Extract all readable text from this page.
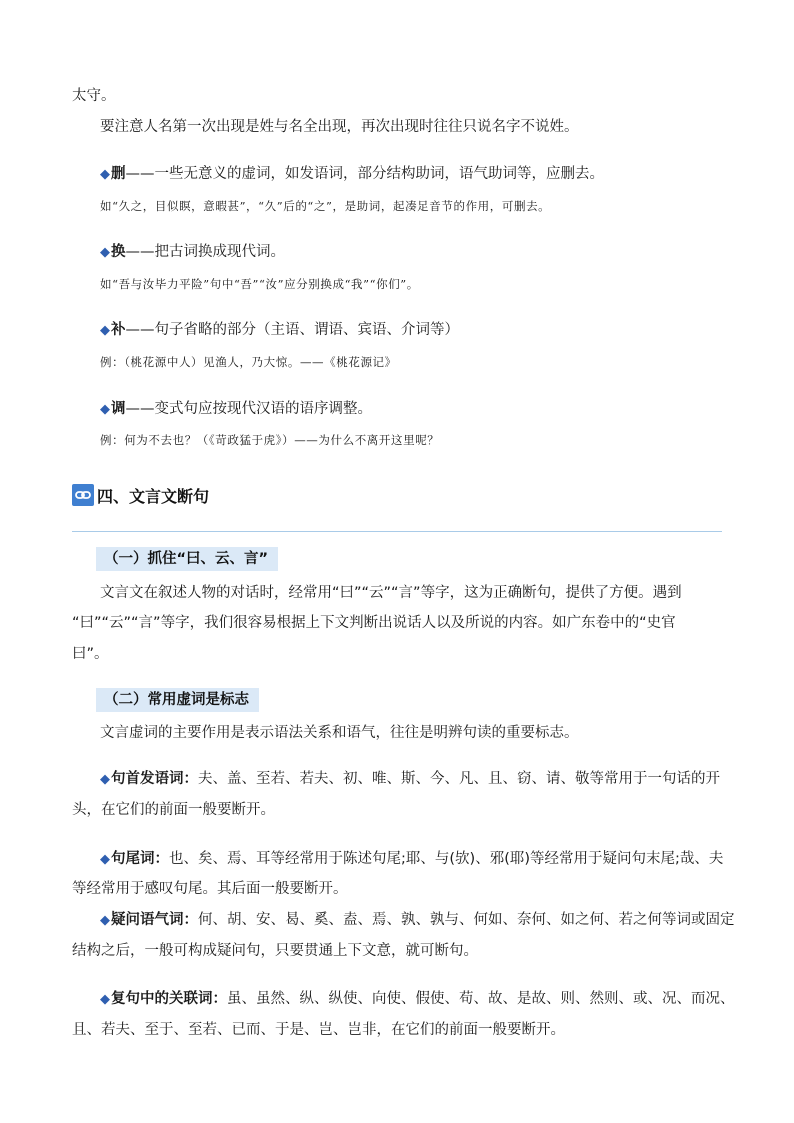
太守。
要注意人名第一次出现是姓与名全出现，再次出现时往往只说名字不说姓。
◆删——一些无意义的虚词，如发语词，部分结构助词，语气助词等，应删去。
如“久之，目似瞑，意暇甚”，“久”后的“之”，是助词，起凑足音节的作用，可删去。
◆换——把古词换成现代词。
如“吾与汝毕力平险”句中“吾”“汝”应分别换成“我”“你们”。
◆补——句子省略的部分（主语、谓语、宾语、介词等）
例：（桃花源中人）见渔人，乃大惊。——《桃花源记》
◆调——变式句应按现代汉语的语序调整。
例：何为不去也？（《苛政猛于虎》）——为什么不离开这里呢？
四、文言文断句
（一）抓住“曰、云、言”
文言文在叙述人物的对话时，经常用“曰”“云”“言”等字，这为正确断句，提供了方便。遇到
“曰”“云”“言”等字，我们很容易根据上下文判断出说话人以及所说的内容。如广东卷中的“史官
曰”。
（二）常用虚词是标志
文言虚词的主要作用是表示语法关系和语气，往往是明辨句读的重要标志。
◆句首发语词：夫、盖、至若、若夫、初、唯、斯、今、凡、且、窃、请、敬等常用于一句话的开
头，在它们的前面一般要断开。
◆句尾词：也、矣、焉、耳等经常用于陈述句尾;耶、与(欤)、邪(耶)等经常用于疑问句末尾;哉、夫
等经常用于感叹句尾。其后面一般要断开。
◆疑问语气词：何、胡、安、曷、奚、盍、焉、孰、孰与、何如、奈何、如之何、若之何等词或固定
结构之后，一般可构成疑问句，只要贯通上下文意，就可断句。
◆复句中的关联词：虽、虽然、纵、纵使、向使、假使、苟、故、是故、则、然则、或、况、而况、
且、若夫、至于、至若、已而、于是、岂、岂非，在它们的前面一般要断开。
